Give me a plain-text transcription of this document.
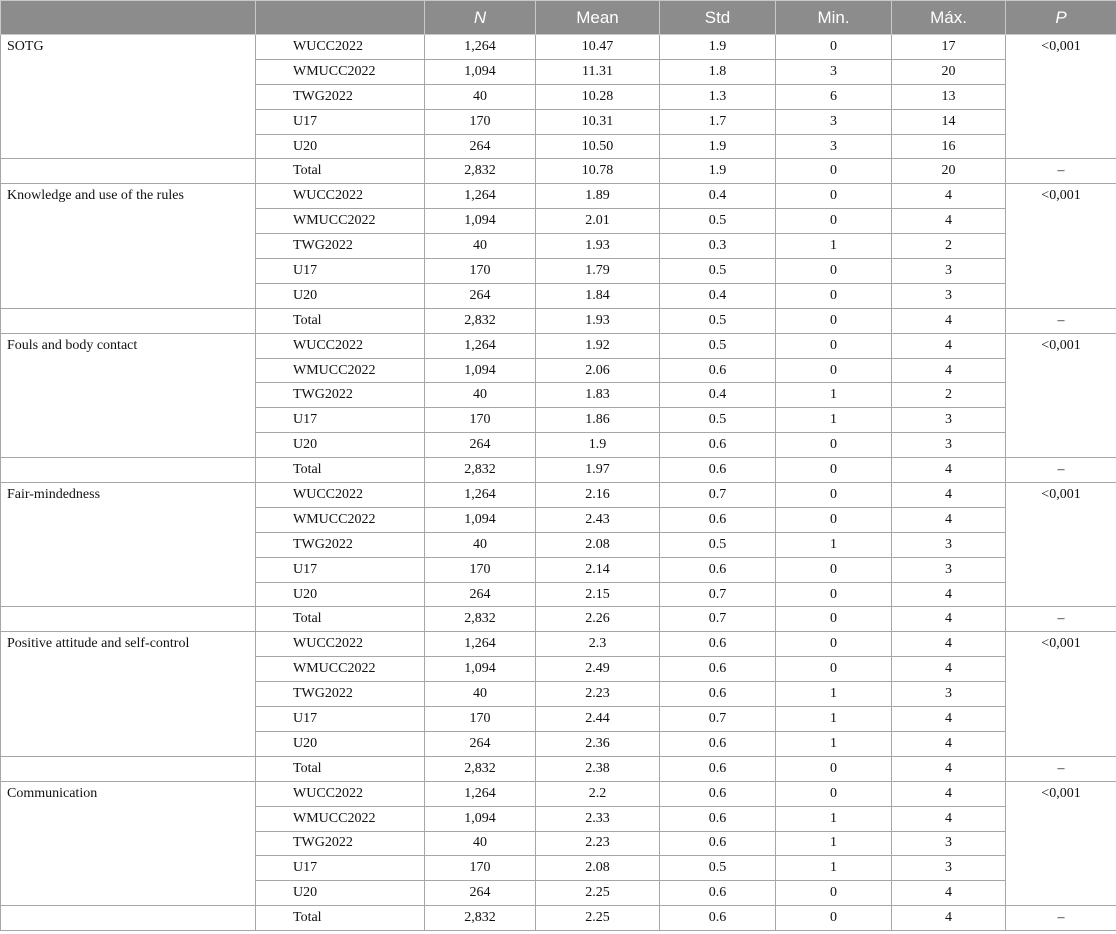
		N	Mean	Std	Min.	Máx.	P
SOTG	WUCC2022	1,264	10.47	1.9	0	17	<0,001
	WMUCC2022	1,094	11.31	1.8	3	20	
	TWG2022	40	10.28	1.3	6	13	
	U17	170	10.31	1.7	3	14	
	U20	264	10.50	1.9	3	16	
	Total	2,832	10.78	1.9	0	20	–
Knowledge and use of the rules	WUCC2022	1,264	1.89	0.4	0	4	<0,001
	WMUCC2022	1,094	2.01	0.5	0	4	
	TWG2022	40	1.93	0.3	1	2	
	U17	170	1.79	0.5	0	3	
	U20	264	1.84	0.4	0	3	
	Total	2,832	1.93	0.5	0	4	–
Fouls and body contact	WUCC2022	1,264	1.92	0.5	0	4	<0,001
	WMUCC2022	1,094	2.06	0.6	0	4	
	TWG2022	40	1.83	0.4	1	2	
	U17	170	1.86	0.5	1	3	
	U20	264	1.9	0.6	0	3	
	Total	2,832	1.97	0.6	0	4	–
Fair-mindedness	WUCC2022	1,264	2.16	0.7	0	4	<0,001
	WMUCC2022	1,094	2.43	0.6	0	4	
	TWG2022	40	2.08	0.5	1	3	
	U17	170	2.14	0.6	0	3	
	U20	264	2.15	0.7	0	4	
	Total	2,832	2.26	0.7	0	4	–
Positive attitude and self-control	WUCC2022	1,264	2.3	0.6	0	4	<0,001
	WMUCC2022	1,094	2.49	0.6	0	4	
	TWG2022	40	2.23	0.6	1	3	
	U17	170	2.44	0.7	1	4	
	U20	264	2.36	0.6	1	4	
	Total	2,832	2.38	0.6	0	4	–
Communication	WUCC2022	1,264	2.2	0.6	0	4	<0,001
	WMUCC2022	1,094	2.33	0.6	1	4	
	TWG2022	40	2.23	0.6	1	3	
	U17	170	2.08	0.5	1	3	
	U20	264	2.25	0.6	0	4	
	Total	2,832	2.25	0.6	0	4	–
